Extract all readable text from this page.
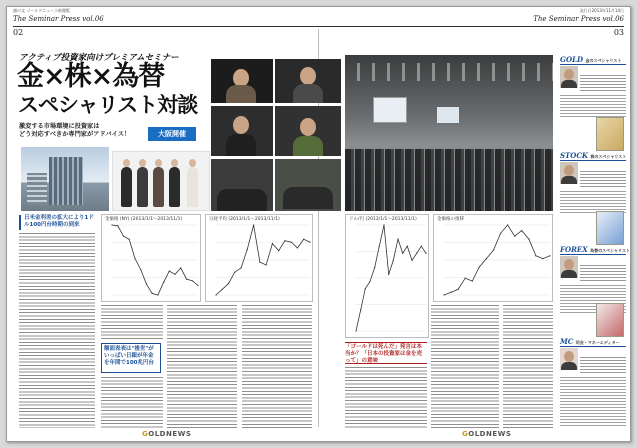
旗の文 ゴールドニュース新聞版	発行日2013年11月14日
The Seminar Press vol.06	The Seminar Press vol.06
02	03
アクティブ投資家向けプレミアムセミナー
金×株×為替
スペシャリスト対談
激変する市場環境に投資家は
どう対応すべきか専門家がアドバイス！	大阪開催
GOLD 金のスペシャリスト
STOCK 株のスペシャリスト
FOREX 為替のスペシャリスト
MC 司会・マネーエディター
日米金利差の拡大により1ドル100円台時期の到来
額面表表は"後世"がいっぱい日銀が年金を年間で100兆円台
「ゴールドは死んだ」発言は本当か？「日本の投資家は金を売って」の意味
金価格 (NY) (2013/1/1〜2013/11/1)	日経平均 (2013/1/1〜2013/11/1)	ドル/円 (2013/1/1〜2013/11/1)	金価格の推移
GOLDNEWS	GOLDNEWS
